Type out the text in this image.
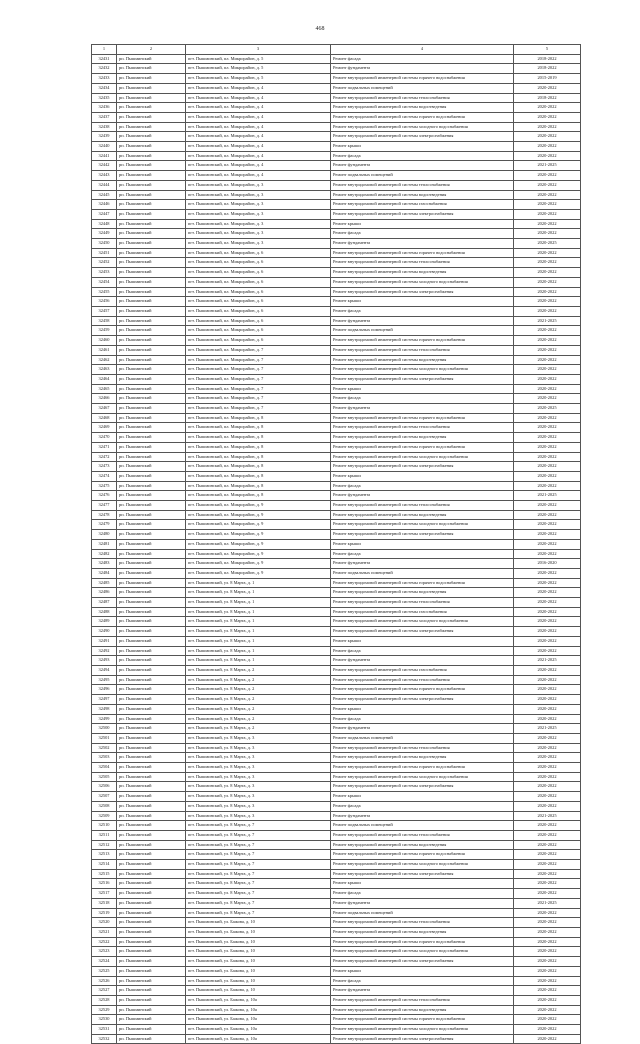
468
1	2	3	4	5
32431	рп. Пышминский	пгт. Пышминский, пл. Микрорайон, д. 5	Ремонт фасада	2018-2022
32432	рп. Пышминский	пгт. Пышминский, пл. Микрорайон, д. 5	Ремонт фундамента	2018-2022
32433	рп. Пышминский	пгт. Пышминский, пл. Микрорайон, д. 5	Ремонт внутридомовой инженерной системы горячего водоснабжения	2015-2019
32434	рп. Пышминский	пгт. Пышминский, пл. Микрорайон, д. 4	Ремонт подвальных помещений	2020-2022
32435	рп. Пышминский	пгт. Пышминский, пл. Микрорайон, д. 4	Ремонт внутридомовой инженерной системы теплоснабжения	2018-2022
32436	рп. Пышминский	пгт. Пышминский, пл. Микрорайон, д. 4	Ремонт внутридомовой инженерной системы водоотведения	2020-2022
32437	рп. Пышминский	пгт. Пышминский, пл. Микрорайон, д. 4	Ремонт внутридомовой инженерной системы горячего водоснабжения	2020-2022
32438	рп. Пышминский	пгт. Пышминский, пл. Микрорайон, д. 4	Ремонт внутридомовой инженерной системы холодного водоснабжения	2020-2022
32439	рп. Пышминский	пгт. Пышминский, пл. Микрорайон, д. 4	Ремонт внутридомовой инженерной системы электроснабжения	2020-2022
32440	рп. Пышминский	пгт. Пышминский, пл. Микрорайон, д. 4	Ремонт крыши	2020-2022
32441	рп. Пышминский	пгт. Пышминский, пл. Микрорайон, д. 4	Ремонт фасада	2020-2022
32442	рп. Пышминский	пгт. Пышминский, пл. Микрорайон, д. 4	Ремонт фундамента	2021-2025
32443	рп. Пышминский	пгт. Пышминский, пл. Микрорайон, д. 4	Ремонт подвальных помещений	2020-2022
32444	рп. Пышминский	пгт. Пышминский, пл. Микрорайон, д. 3	Ремонт внутридомовой инженерной системы теплоснабжения	2020-2022
32445	рп. Пышминский	пгт. Пышминский, пл. Микрорайон, д. 3	Ремонт внутридомовой инженерной системы водоотведения	2020-2022
32446	рп. Пышминский	пгт. Пышминский, пл. Микрорайон, д. 3	Ремонт внутридомовой инженерной системы газоснабжения	2020-2022
32447	рп. Пышминский	пгт. Пышминский, пл. Микрорайон, д. 3	Ремонт внутридомовой инженерной системы электроснабжения	2020-2022
32448	рп. Пышминский	пгт. Пышминский, пл. Микрорайон, д. 3	Ремонт крыши	2020-2022
32449	рп. Пышминский	пгт. Пышминский, пл. Микрорайон, д. 3	Ремонт фасада	2020-2022
32450	рп. Пышминский	пгт. Пышминский, пл. Микрорайон, д. 3	Ремонт фундамента	2020-2025
32451	рп. Пышминский	пгт. Пышминский, пл. Микрорайон, д. 6	Ремонт внутридомовой инженерной системы горячего водоснабжения	2020-2022
32452	рп. Пышминский	пгт. Пышминский, пл. Микрорайон, д. 6	Ремонт внутридомовой инженерной системы теплоснабжения	2020-2022
32453	рп. Пышминский	пгт. Пышминский, пл. Микрорайон, д. 6	Ремонт внутридомовой инженерной системы водоотведения	2020-2022
32454	рп. Пышминский	пгт. Пышминский, пл. Микрорайон, д. 6	Ремонт внутридомовой инженерной системы холодного водоснабжения	2020-2022
32455	рп. Пышминский	пгт. Пышминский, пл. Микрорайон, д. 6	Ремонт внутридомовой инженерной системы электроснабжения	2020-2022
32456	рп. Пышминский	пгт. Пышминский, пл. Микрорайон, д. 6	Ремонт крыши	2020-2022
32457	рп. Пышминский	пгт. Пышминский, пл. Микрорайон, д. 6	Ремонт фасада	2020-2022
32458	рп. Пышминский	пгт. Пышминский, пл. Микрорайон, д. 6	Ремонт фундамента	2021-2025
32459	рп. Пышминский	пгт. Пышминский, пл. Микрорайон, д. 6	Ремонт подвальных помещений	2020-2022
32460	рп. Пышминский	пгт. Пышминский, пл. Микрорайон, д. 6	Ремонт внутридомовой инженерной системы горячего водоснабжения	2020-2022
32461	рп. Пышминский	пгт. Пышминский, пл. Микрорайон, д. 7	Ремонт внутридомовой инженерной системы теплоснабжения	2020-2022
32462	рп. Пышминский	пгт. Пышминский, пл. Микрорайон, д. 7	Ремонт внутридомовой инженерной системы водоотведения	2020-2022
32463	рп. Пышминский	пгт. Пышминский, пл. Микрорайон, д. 7	Ремонт внутридомовой инженерной системы холодного водоснабжения	2020-2022
32464	рп. Пышминский	пгт. Пышминский, пл. Микрорайон, д. 7	Ремонт внутридомовой инженерной системы электроснабжения	2020-2022
32465	рп. Пышминский	пгт. Пышминский, пл. Микрорайон, д. 7	Ремонт крыши	2020-2022
32466	рп. Пышминский	пгт. Пышминский, пл. Микрорайон, д. 7	Ремонт фасада	2020-2022
32467	рп. Пышминский	пгт. Пышминский, пл. Микрорайон, д. 7	Ремонт фундамента	2020-2025
32468	рп. Пышминский	пгт. Пышминский, пл. Микрорайон, д. 8	Ремонт внутридомовой инженерной системы горячего водоснабжения	2020-2022
32469	рп. Пышминский	пгт. Пышминский, пл. Микрорайон, д. 8	Ремонт внутридомовой инженерной системы теплоснабжения	2020-2022
32470	рп. Пышминский	пгт. Пышминский, пл. Микрорайон, д. 8	Ремонт внутридомовой инженерной системы водоотведения	2020-2022
32471	рп. Пышминский	пгт. Пышминский, пл. Микрорайон, д. 8	Ремонт внутридомовой инженерной системы горячего водоснабжения	2020-2022
32472	рп. Пышминский	пгт. Пышминский, пл. Микрорайон, д. 8	Ремонт внутридомовой инженерной системы холодного водоснабжения	2020-2022
32473	рп. Пышминский	пгт. Пышминский, пл. Микрорайон, д. 8	Ремонт внутридомовой инженерной системы электроснабжения	2020-2022
32474	рп. Пышминский	пгт. Пышминский, пл. Микрорайон, д. 8	Ремонт крыши	2020-2022
32475	рп. Пышминский	пгт. Пышминский, пл. Микрорайон, д. 8	Ремонт фасада	2020-2022
32476	рп. Пышминский	пгт. Пышминский, пл. Микрорайон, д. 8	Ремонт фундамента	2021-2025
32477	рп. Пышминский	пгт. Пышминский, пл. Микрорайон, д. 9	Ремонт внутридомовой инженерной системы теплоснабжения	2020-2022
32478	рп. Пышминский	пгт. Пышминский, пл. Микрорайон, д. 9	Ремонт внутридомовой инженерной системы водоотведения	2020-2022
32479	рп. Пышминский	пгт. Пышминский, пл. Микрорайон, д. 9	Ремонт внутридомовой инженерной системы холодного водоснабжения	2020-2022
32480	рп. Пышминский	пгт. Пышминский, пл. Микрорайон, д. 9	Ремонт внутридомовой инженерной системы электроснабжения	2020-2022
32481	рп. Пышминский	пгт. Пышминский, пл. Микрорайон, д. 9	Ремонт крыши	2020-2022
32482	рп. Пышминский	пгт. Пышминский, пл. Микрорайон, д. 9	Ремонт фасада	2020-2022
32483	рп. Пышминский	пгт. Пышминский, пл. Микрорайон, д. 9	Ремонт фундамента	2016-2020
32484	рп. Пышминский	пгт. Пышминский, пл. Микрорайон, д. 9	Ремонт подвальных помещений	2020-2022
32485	рп. Пышминский	пгт. Пышминский, ул. 8 Марта, д. 1	Ремонт внутридомовой инженерной системы горячего водоснабжения	2020-2022
32486	рп. Пышминский	пгт. Пышминский, ул. 8 Марта, д. 1	Ремонт внутридомовой инженерной системы водоотведения	2020-2022
32487	рп. Пышминский	пгт. Пышминский, ул. 8 Марта, д. 1	Ремонт внутридомовой инженерной системы теплоснабжения	2020-2022
32488	рп. Пышминский	пгт. Пышминский, ул. 8 Марта, д. 1	Ремонт внутридомовой инженерной системы газоснабжения	2020-2022
32489	рп. Пышминский	пгт. Пышминский, ул. 8 Марта, д. 1	Ремонт внутридомовой инженерной системы холодного водоснабжения	2020-2022
32490	рп. Пышминский	пгт. Пышминский, ул. 8 Марта, д. 1	Ремонт внутридомовой инженерной системы электроснабжения	2020-2022
32491	рп. Пышминский	пгт. Пышминский, ул. 8 Марта, д. 1	Ремонт крыши	2020-2022
32492	рп. Пышминский	пгт. Пышминский, ул. 8 Марта, д. 1	Ремонт фасада	2020-2022
32493	рп. Пышминский	пгт. Пышминский, ул. 8 Марта, д. 1	Ремонт фундамента	2021-2025
32494	рп. Пышминский	пгт. Пышминский, ул. 8 Марта, д. 2	Ремонт внутридомовой инженерной системы газоснабжения	2020-2022
32495	рп. Пышминский	пгт. Пышминский, ул. 8 Марта, д. 2	Ремонт внутридомовой инженерной системы теплоснабжения	2020-2022
32496	рп. Пышминский	пгт. Пышминский, ул. 8 Марта, д. 2	Ремонт внутридомовой инженерной системы горячего водоснабжения	2020-2022
32497	рп. Пышминский	пгт. Пышминский, ул. 8 Марта, д. 2	Ремонт внутридомовой инженерной системы электроснабжения	2020-2022
32498	рп. Пышминский	пгт. Пышминский, ул. 8 Марта, д. 2	Ремонт крыши	2020-2022
32499	рп. Пышминский	пгт. Пышминский, ул. 8 Марта, д. 2	Ремонт фасада	2020-2022
32500	рп. Пышминский	пгт. Пышминский, ул. 8 Марта, д. 2	Ремонт фундамента	2021-2025
32501	рп. Пышминский	пгт. Пышминский, ул. 8 Марта, д. 3	Ремонт подвальных помещений	2020-2022
32502	рп. Пышминский	пгт. Пышминский, ул. 8 Марта, д. 3	Ремонт внутридомовой инженерной системы теплоснабжения	2020-2022
32503	рп. Пышминский	пгт. Пышминский, ул. 8 Марта, д. 3	Ремонт внутридомовой инженерной системы водоотведения	2020-2022
32504	рп. Пышминский	пгт. Пышминский, ул. 8 Марта, д. 3	Ремонт внутридомовой инженерной системы горячего водоснабжения	2020-2022
32505	рп. Пышминский	пгт. Пышминский, ул. 8 Марта, д. 3	Ремонт внутридомовой инженерной системы холодного водоснабжения	2020-2022
32506	рп. Пышминский	пгт. Пышминский, ул. 8 Марта, д. 3	Ремонт внутридомовой инженерной системы электроснабжения	2020-2022
32507	рп. Пышминский	пгт. Пышминский, ул. 8 Марта, д. 3	Ремонт крыши	2020-2022
32508	рп. Пышминский	пгт. Пышминский, ул. 8 Марта, д. 3	Ремонт фасада	2020-2022
32509	рп. Пышминский	пгт. Пышминский, ул. 8 Марта, д. 3	Ремонт фундамента	2021-2025
32510	рп. Пышминский	пгт. Пышминский, ул. 8 Марта, д. 7	Ремонт подвальных помещений	2020-2022
32511	рп. Пышминский	пгт. Пышминский, ул. 8 Марта, д. 7	Ремонт внутридомовой инженерной системы теплоснабжения	2020-2022
32512	рп. Пышминский	пгт. Пышминский, ул. 8 Марта, д. 7	Ремонт внутридомовой инженерной системы водоотведения	2020-2022
32513	рп. Пышминский	пгт. Пышминский, ул. 8 Марта, д. 7	Ремонт внутридомовой инженерной системы горячего водоснабжения	2020-2022
32514	рп. Пышминский	пгт. Пышминский, ул. 8 Марта, д. 7	Ремонт внутридомовой инженерной системы холодного водоснабжения	2020-2022
32515	рп. Пышминский	пгт. Пышминский, ул. 8 Марта, д. 7	Ремонт внутридомовой инженерной системы электроснабжения	2020-2022
32516	рп. Пышминский	пгт. Пышминский, ул. 8 Марта, д. 7	Ремонт крыши	2020-2022
32517	рп. Пышминский	пгт. Пышминский, ул. 8 Марта, д. 7	Ремонт фасада	2020-2022
32518	рп. Пышминский	пгт. Пышминский, ул. 8 Марта, д. 7	Ремонт фундамента	2021-2025
32519	рп. Пышминский	пгт. Пышминский, ул. 8 Марта, д. 7	Ремонт подвальных помещений	2020-2022
32520	рп. Пышминский	пгт. Пышминский, ул. Бажова, д. 10	Ремонт внутридомовой инженерной системы теплоснабжения	2020-2022
32521	рп. Пышминский	пгт. Пышминский, ул. Бажова, д. 10	Ремонт внутридомовой инженерной системы водоотведения	2020-2022
32522	рп. Пышминский	пгт. Пышминский, ул. Бажова, д. 10	Ремонт внутридомовой инженерной системы горячего водоснабжения	2020-2022
32523	рп. Пышминский	пгт. Пышминский, ул. Бажова, д. 10	Ремонт внутридомовой инженерной системы холодного водоснабжения	2020-2022
32524	рп. Пышминский	пгт. Пышминский, ул. Бажова, д. 10	Ремонт внутридомовой инженерной системы электроснабжения	2020-2022
32525	рп. Пышминский	пгт. Пышминский, ул. Бажова, д. 10	Ремонт крыши	2020-2022
32526	рп. Пышминский	пгт. Пышминский, ул. Бажова, д. 10	Ремонт фасада	2020-2022
32527	рп. Пышминский	пгт. Пышминский, ул. Бажова, д. 10	Ремонт фундамента	2020-2022
32528	рп. Пышминский	пгт. Пышминский, ул. Бажова, д. 10а	Ремонт внутридомовой инженерной системы теплоснабжения	2020-2022
32529	рп. Пышминский	пгт. Пышминский, ул. Бажова, д. 10а	Ремонт внутридомовой инженерной системы водоотведения	2020-2022
32530	рп. Пышминский	пгт. Пышминский, ул. Бажова, д. 10а	Ремонт внутридомовой инженерной системы горячего водоснабжения	2020-2022
32531	рп. Пышминский	пгт. Пышминский, ул. Бажова, д. 10а	Ремонт внутридомовой инженерной системы холодного водоснабжения	2020-2022
32532	рп. Пышминский	пгт. Пышминский, ул. Бажова, д. 10а	Ремонт внутридомовой инженерной системы электроснабжения	2020-2022
